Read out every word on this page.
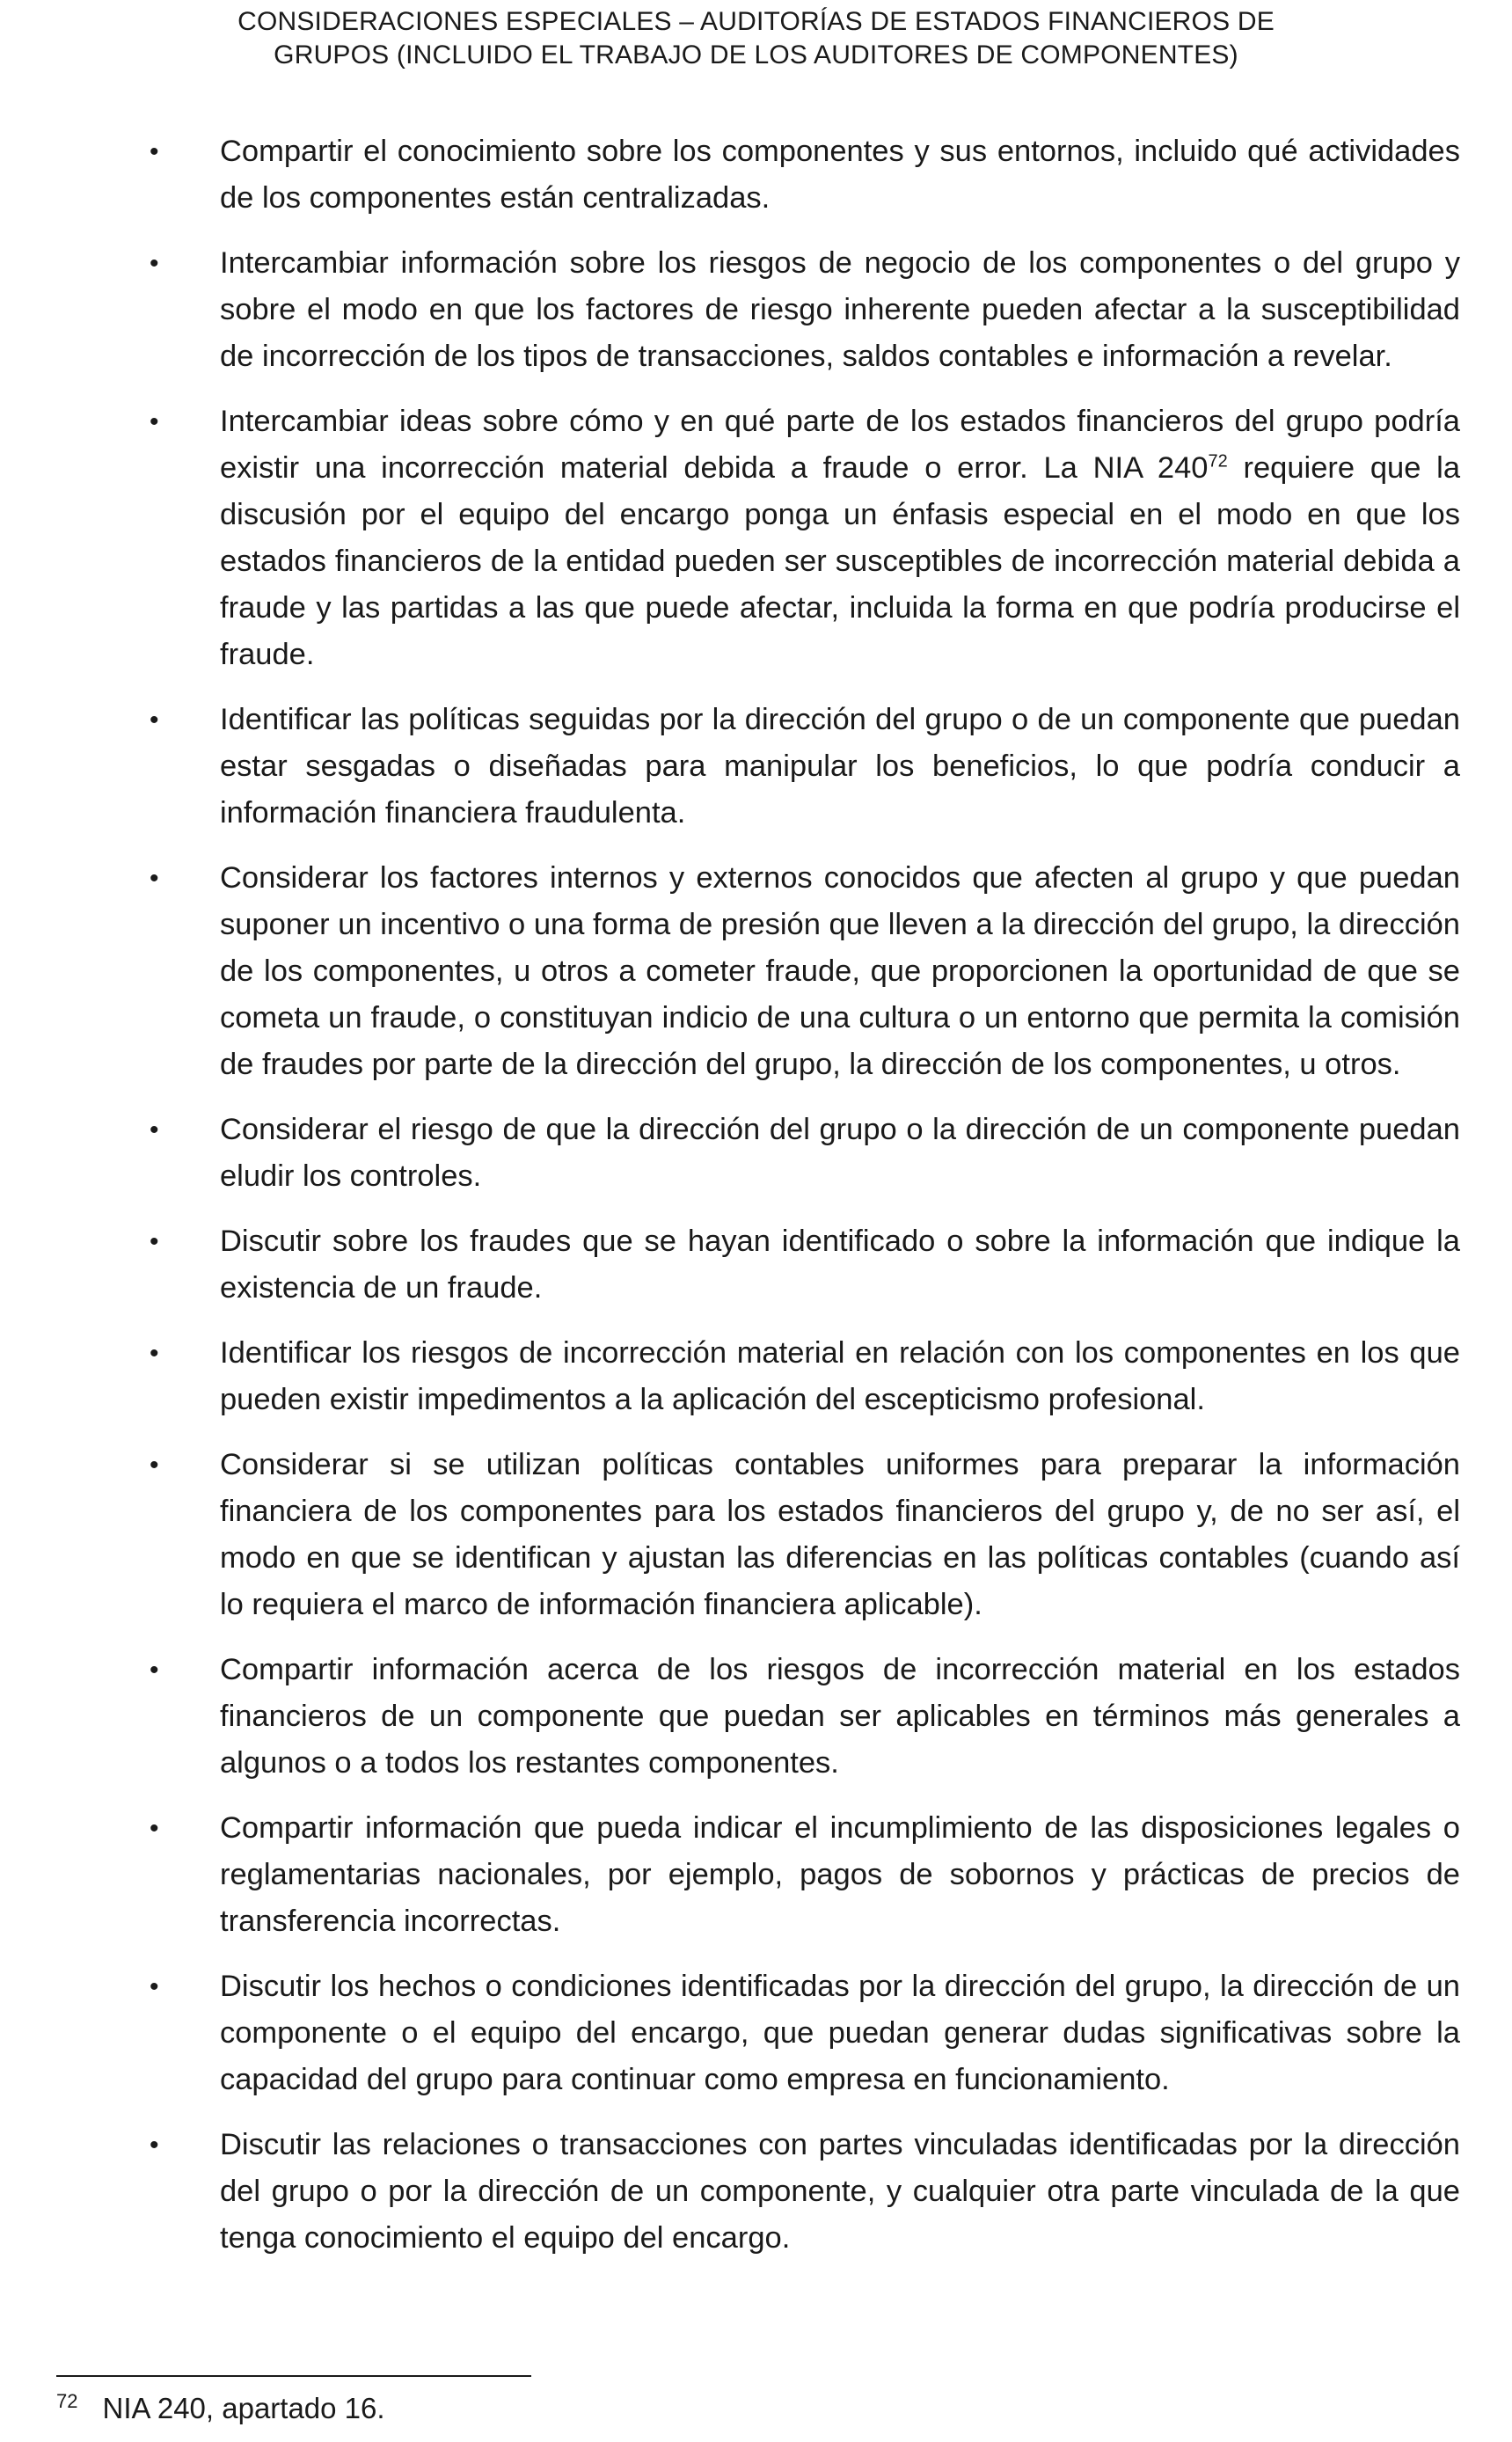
CONSIDERACIONES ESPECIALES – AUDITORÍAS DE ESTADOS FINANCIEROS DE
GRUPOS (INCLUIDO EL TRABAJO DE LOS AUDITORES DE COMPONENTES)
• Compartir el conocimiento sobre los componentes y sus entornos, incluido qué actividades de los componentes están centralizadas.
• Intercambiar información sobre los riesgos de negocio de los componentes o del grupo y sobre el modo en que los factores de riesgo inherente pueden afectar a la susceptibilidad de incorrección de los tipos de transacciones, saldos contables e información a revelar.
• Intercambiar ideas sobre cómo y en qué parte de los estados financieros del grupo podría existir una incorrección material debida a fraude o error. La NIA 240$^{72}$ requiere que la discusión por el equipo del encargo ponga un énfasis especial en el modo en que los estados financieros de la entidad pueden ser susceptibles de incorrección material debida a fraude y las partidas a las que puede afectar, incluida la forma en que podría producirse el fraude.
• Identificar las políticas seguidas por la dirección del grupo o de un componente que puedan estar sesgadas o diseñadas para manipular los beneficios, lo que podría conducir a información financiera fraudulenta.
• Considerar los factores internos y externos conocidos que afecten al grupo y que puedan suponer un incentivo o una forma de presión que lleven a la dirección del grupo, la dirección de los componentes, u otros a cometer fraude, que proporcionen la oportunidad de que se cometa un fraude, o constituyan indicio de una cultura o un entorno que permita la comisión de fraudes por parte de la dirección del grupo, la dirección de los componentes, u otros.
• Considerar el riesgo de que la dirección del grupo o la dirección de un componente puedan eludir los controles.
• Discutir sobre los fraudes que se hayan identificado o sobre la información que indique la existencia de un fraude.
• Identificar los riesgos de incorrección material en relación con los componentes en los que pueden existir impedimentos a la aplicación del escepticismo profesional.
• Considerar si se utilizan políticas contables uniformes para preparar la información financiera de los componentes para los estados financieros del grupo y, de no ser así, el modo en que se identifican y ajustan las diferencias en las políticas contables (cuando así lo requiera el marco de información financiera aplicable).
• Compartir información acerca de los riesgos de incorrección material en los estados financieros de un componente que puedan ser aplicables en términos más generales a algunos o a todos los restantes componentes.
• Compartir información que pueda indicar el incumplimiento de las disposiciones legales o reglamentarias nacionales, por ejemplo, pagos de sobornos y prácticas de precios de transferencia incorrectas.
• Discutir los hechos o condiciones identificadas por la dirección del grupo, la dirección de un componente o el equipo del encargo, que puedan generar dudas significativas sobre la capacidad del grupo para continuar como empresa en funcionamiento.
• Discutir las relaciones o transacciones con partes vinculadas identificadas por la dirección del grupo o por la dirección de un componente, y cualquier otra parte vinculada de la que tenga conocimiento el equipo del encargo.
$^{72}$ NIA 240, apartado 16.
